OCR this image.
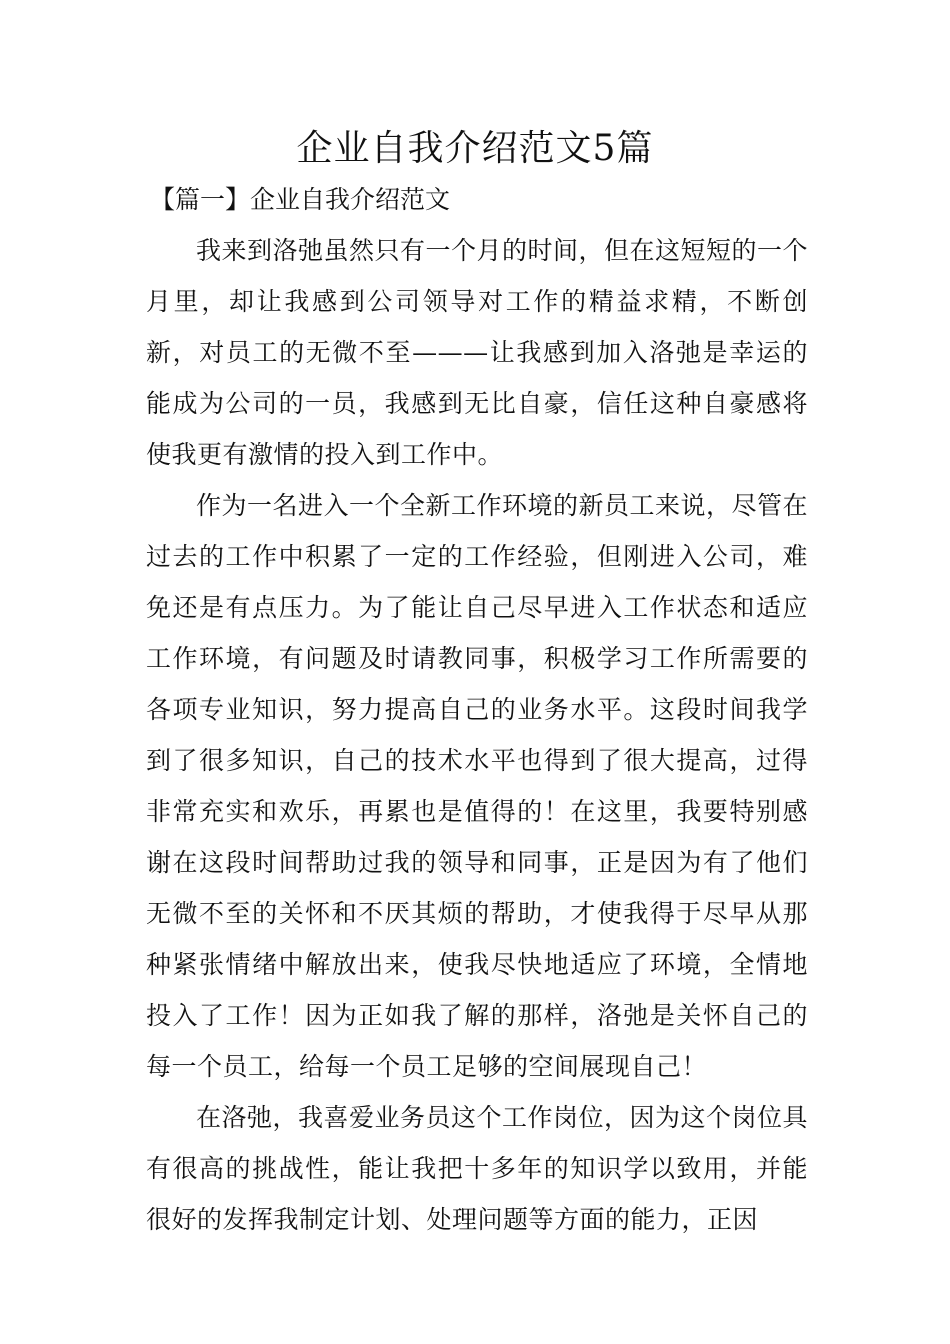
企业自我介绍范文5篇
【篇一】企业自我介绍范文

我来到洛弛虽然只有一个月的时间，但在这短短的一个月里，却让我感到公司领导对工作的精益求精，不断创新，对员工的无微不至———让我感到加入洛弛是幸运的能成为公司的一员，我感到无比自豪，信任这种自豪感将使我更有激情的投入到工作中。

作为一名进入一个全新工作环境的新员工来说，尽管在过去的工作中积累了一定的工作经验，但刚进入公司，难免还是有点压力。为了能让自己尽早进入工作状态和适应工作环境，有问题及时请教同事，积极学习工作所需要的各项专业知识，努力提高自己的业务水平。这段时间我学到了很多知识，自己的技术水平也得到了很大提高，过得非常充实和欢乐，再累也是值得的！在这里，我要特别感谢在这段时间帮助过我的领导和同事，正是因为有了他们无微不至的关怀和不厌其烦的帮助，才使我得于尽早从那种紧张情绪中解放出来，使我尽快地适应了环境，全情地投入了工作！因为正如我了解的那样，洛弛是关怀自己的每一个员工，给每一个员工足够的空间展现自己！

在洛弛，我喜爱业务员这个工作岗位，因为这个岗位具有很高的挑战性，能让我把十多年的知识学以致用，并能很好的发挥我制定计划、处理问题等方面的能力，正因
